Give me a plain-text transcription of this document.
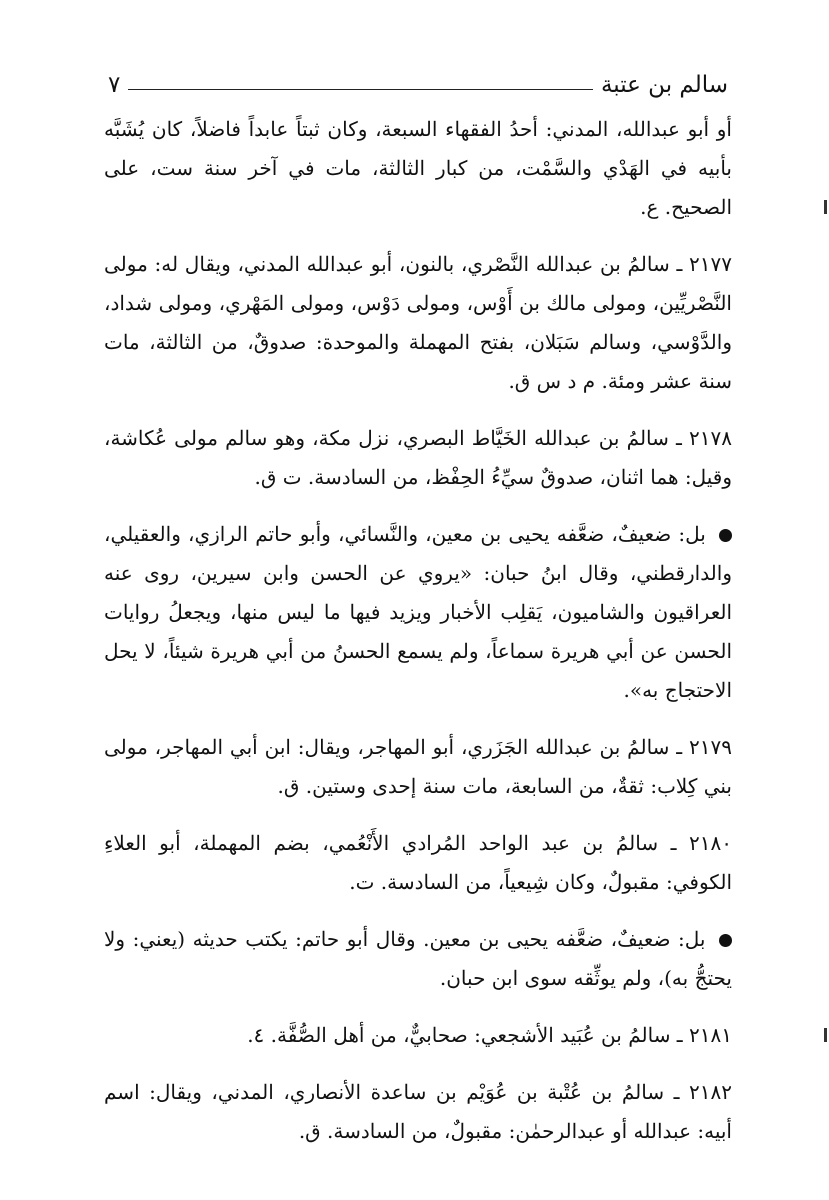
سالم بن عتبة
٧

أو أبو عبدالله، المدني: أحدُ الفقهاء السبعة، وكان ثبتاً عابداً فاضلاً، كان يُشَبَّه بأبيه في الهَدْي والسَّمْت، من كبار الثالثة، مات في آخر سنة ست، على الصحيح. ع.

٢١٧٧ ـ سالمُ بن عبدالله النَّصْري، بالنون، أبو عبدالله المدني، ويقال له: مولى النَّصْريِّين، ومولى مالك بن أَوْس، ومولى دَوْس، ومولى المَهْري، ومولى شداد، والدَّوْسي، وسالم سَبَلان، بفتح المهملة والموحدة: صدوقٌ، من الثالثة، مات سنة عشر ومئة. م د س ق.

٢١٧٨ ـ سالمُ بن عبدالله الخَيَّاط البصري، نزل مكة، وهو سالم مولى عُكاشة، وقيل: هما اثنان، صدوقٌ سيِّءُ الحِفْظ، من السادسة. ت ق.

بل: ضعيفٌ، ضعَّفه يحيى بن معين، والنَّسائي، وأبو حاتم الرازي، والعقيلي، والدارقطني، وقال ابنُ حبان: «يروي عن الحسن وابن سيرين، روى عنه العراقيون والشاميون، يَقلِب الأخبار ويزيد فيها ما ليس منها، ويجعلُ روايات الحسن عن أبي هريرة سماعاً، ولم يسمع الحسنُ من أبي هريرة شيئاً، لا يحل الاحتجاج به».

٢١٧٩ ـ سالمُ بن عبدالله الجَزَري، أبو المهاجر، ويقال: ابن أبي المهاجر، مولى بني كِلاب: ثقةٌ، من السابعة، مات سنة إحدى وستين. ق.

٢١٨٠ ـ سالمُ بن عبد الواحد المُرادي الأَنْعُمي، بضم المهملة، أبو العلاءِ الكوفي: مقبولٌ، وكان شِيعياً، من السادسة. ت.

بل: ضعيفٌ، ضعَّفه يحيى بن معين. وقال أبو حاتم: يكتب حديثه (يعني: ولا يحتجُّ به)، ولم يوثِّقه سوى ابن حبان.

٢١٨١ ـ سالمُ بن عُبَيد الأشجعي: صحابيٌّ، من أهل الصُّفَّة. ٤.

٢١٨٢ ـ سالمُ بن عُتْبة بن عُوَيْم بن ساعدة الأنصاري، المدني، ويقال: اسم أبيه: عبدالله أو عبدالرحمٰن: مقبولٌ، من السادسة. ق.
